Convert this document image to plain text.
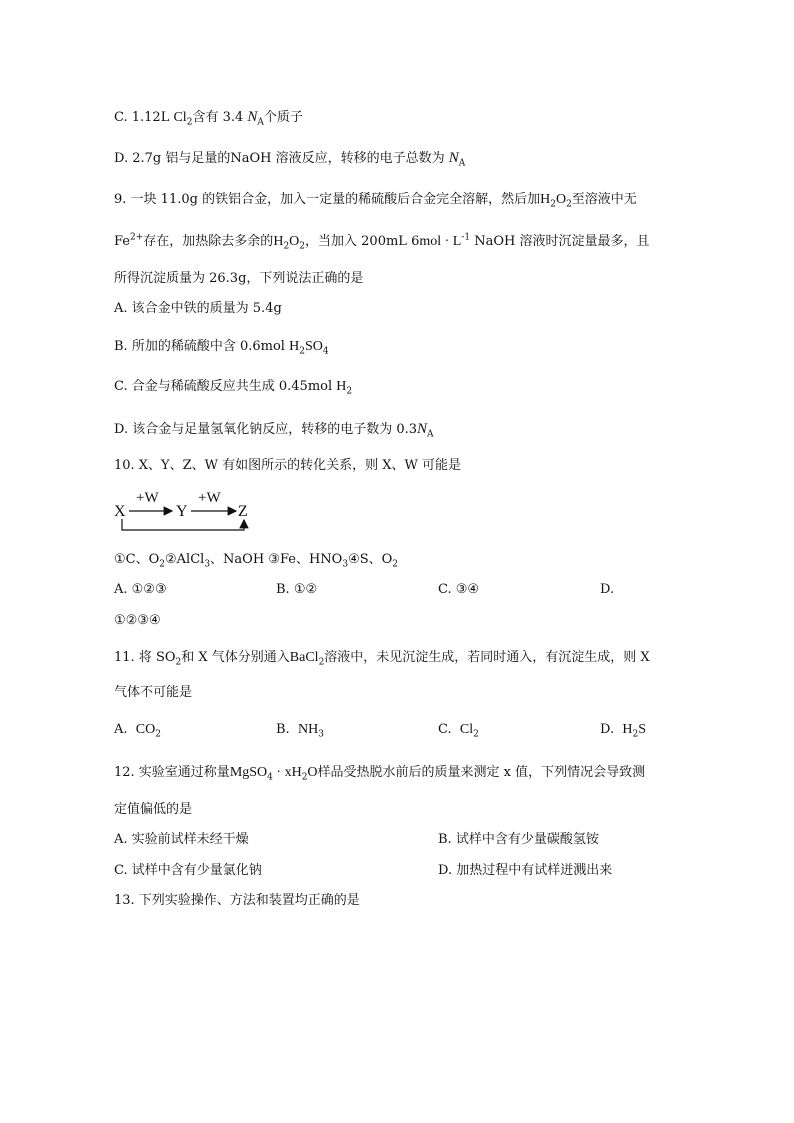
C. 1.12L $Cl_2$含有 3.4 $N_A$个质子
D. 2.7g 铝与足量的NaOH 溶液反应，转移的电子总数为 $N_A$
9. 一块 11.0g 的铁铝合金，加入一定量的稀硫酸后合金完全溶解，然后加$H_2O_2$至溶液中无
$Fe^{2+}$存在，加热除去多余的$H_2O_2$，当加入 200mL $6mol \cdot L^{-1}$ NaOH 溶液时沉淀量最多，且
所得沉淀质量为 26.3g，下列说法正确的是
A. 该合金中铁的质量为 5.4g
B. 所加的稀硫酸中含 0.6mol $H_2SO_4$
C. 合金与稀硫酸反应共生成 0.45mol $H_2$
D. 该合金与足量氢氧化钠反应，转移的电子数为 $0.3N_A$
10. X、Y、Z、W 有如图所示的转化关系，则 X、W 可能是
X	Y	Z
+W	+W
①C、$O_2②AlCl_3$、NaOH ③Fe、$HNO_3④S$、$O_2$
A. ①②③	B. ①②	C. ③④	D.
①②③④
11. 将 $SO_2$和 X 气体分别通入BaCl$_2$溶液中，未见沉淀生成，若同时通入，有沉淀生成，则 X
气体不可能是
A. $CO_2$	B. $NH_3$	C. $Cl_2$	D. $H_2S$
12. 实验室通过称量MgSO$_4$ · $xH_2O$样品受热脱水前后的质量来测定 x 值，下列情况会导致测
定值偏低的是
A. 实验前试样未经干燥	B. 试样中含有少量碳酸氢铵
C. 试样中含有少量氯化钠	D. 加热过程中有试样迸溅出来
13. 下列实验操作、方法和装置均正确的是
